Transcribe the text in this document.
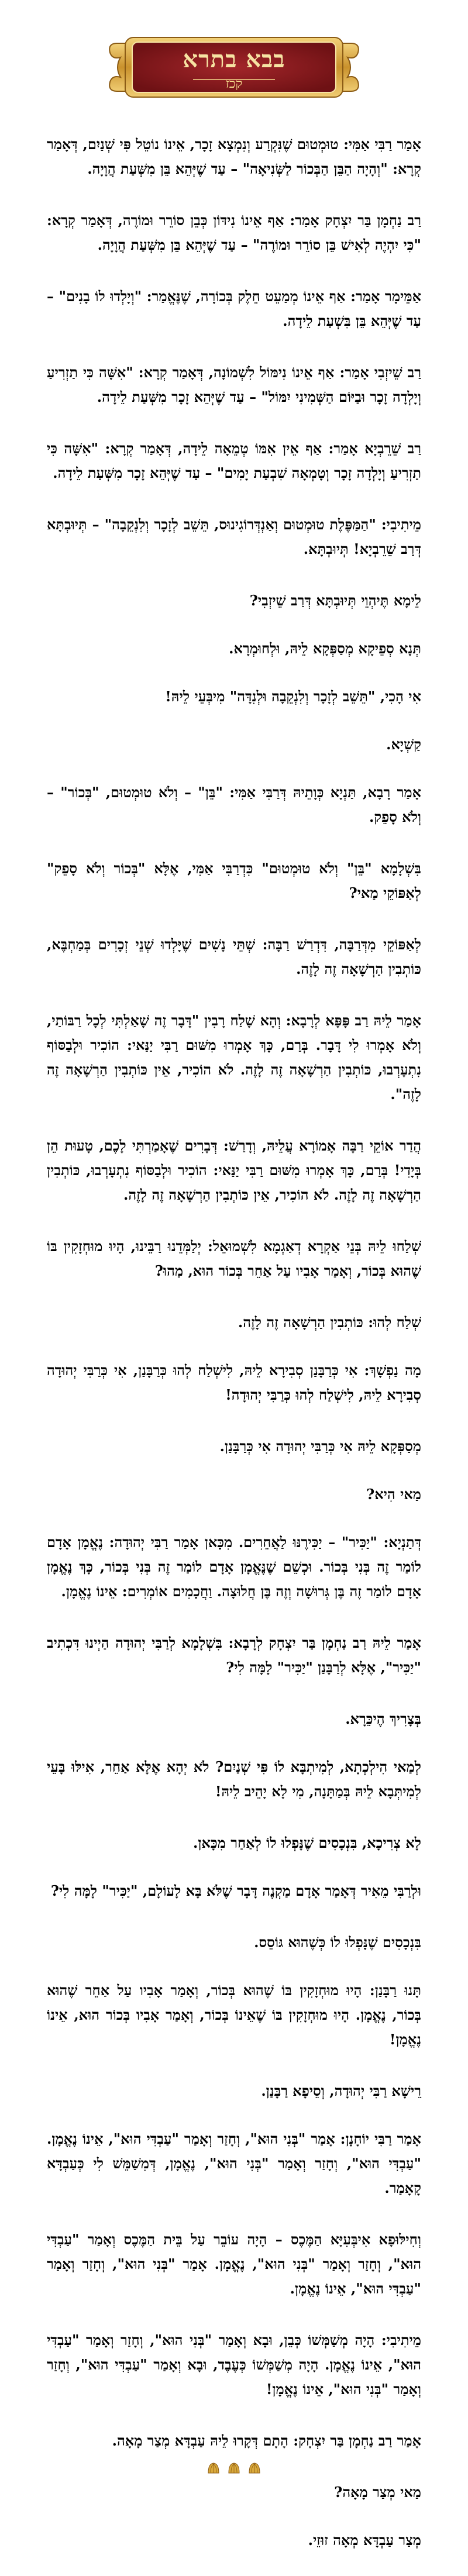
בבא בתרא
קכז

אָמַר רַבִּי אַמִּי: טוּמְטוּם שֶׁנִּקְרַע וְנִמְצָא זָכָר, אֵינוֹ נוֹטֵל פִּי שְׁנַיִם, דְּאָמַר קְרָא: "וְהָיָה הַבֵּן הַבְּכוֹר לַשְּׂנִיאָה" – עַד שֶׁיְּהֵא בֵּן מִשְּׁעַת הֲוָיָה.

רַב נַחְמָן בַּר יִצְחָק אָמַר: אַף אֵינוֹ נִידּוֹן כְּבֵן סוֹרֵר וּמוֹרֶה, דְּאָמַר קְרָא: "כִּי יִהְיֶה לְאִישׁ בֵּן סוֹרֵר וּמוֹרֶה" – עַד שֶׁיְּהֵא בֵּן מִשְּׁעַת הֲוָיָה.

אַמֵּימָר אָמַר: אַף אֵינוֹ מְמַעֵט חֵלֶק בְּכוֹרָה, שֶׁנֶּאֱמַר: "וְיָלְדוּ לוֹ בָנִים" – עַד שֶׁיְּהֵא בֵּן בִּשְׁעַת לֵידָה.

רַב שֵׁיזְבִי אָמַר: אַף אֵינוֹ נִימּוֹל לִשְׁמוֹנָה, דְּאָמַר קְרָא: "אִשָּׁה כִּי תַזְרִיעַ וְיָלְדָה זָכָר וּבַיּוֹם הַשְּׁמִינִי יִמּוֹל" – עַד שֶׁיְּהֵא זָכָר מִשְּׁעַת לֵידָה.

רַב שֵׁרֵבְיָא אָמַר: אַף אֵין אִמּוֹ טְמֵאָה לֵידָה, דְּאָמַר קְרָא: "אִשָּׁה כִּי תַזְרִיעַ וְיָלְדָה זָכָר וְטָמְאָה שִׁבְעַת יָמִים" – עַד שֶׁיְּהֵא זָכָר מִשְּׁעַת לֵידָה.

מֵיתִיבִי: "הַמַּפֶּלֶת טוּמְטוּם וְאַנְדְּרוֹגִינוּס, תֵּשֵׁב לְזָכָר וְלִנְקֵבָה" – תְּיוּבְתָּא דְּרַב שֵׁרֵבְיָא! תְּיוּבְתָּא.

לֵימָא תֶּיהְוֵי תְּיוּבְתָּא דְּרַב שֵׁיזְבִי?

תְּנָא סְפֵיקָא מְסַפְּקָא לֵיהּ, וּלְחוּמְרָא.

אִי הָכִי, "תֵּשֵׁב לְזָכָר וְלִנְקֵבָה וּלְנִדָּה" מִיבְּעֵי לֵיהּ!

קַשְׁיָא.

אָמַר רָבָא, תַּנְיָא כְּוָתֵיהּ דְּרַבִּי אַמִּי: "בֵּן" – וְלֹא טוּמְטוּם, "בְּכוֹר" – וְלֹא סָפֵק.

בִּשְׁלָמָא "בֵּן" וְלֹא טוּמְטוּם" כִּדְרַבִּי אַמִּי, אֶלָּא "בְּכוֹר וְלֹא סָפֵק" לְאַפּוֹקֵי מַאי?

לְאַפּוֹקֵי מִדְּרַבָּה, דִּדְרַשׁ רַבָּה: שְׁתֵּי נָשִׁים שֶׁיָּלְדוּ שְׁנֵי זְכָרִים בְּמַחְבֶּא, כּוֹתְבִין הַרְשָׁאָה זֶה לָזֶה.

אָמַר לֵיהּ רַב פָּפָּא לְרָבָא: וְהָא שָׁלַח רָבִין "דָּבָר זֶה שָׁאַלְתִּי לְכָל רַבּוֹתַי, וְלֹא אָמְרוּ לִי דָּבָר. בְּרַם, כָּךְ אָמְרוּ מִשּׁוּם רַבִּי יַנַּאי: הוֹכִיר וּלְבַסּוֹף נִתְעָרְבוּ, כּוֹתְבִין הַרְשָׁאָה זֶה לָזֶה. לֹא הוֹכִיר, אֵין כּוֹתְבִין הַרְשָׁאָה זֶה לָזֶה".

הֲדַר אוֹקֵי רַבָּה אָמוֹרָא עֲלֵיהּ, וְדָרַשׁ: דְּבָרִים שֶׁאָמַרְתִּי לָכֶם, טָעוּת הֵן בְּיָדִי! בְּרַם, כָּךְ אָמְרוּ מִשּׁוּם רַבִּי יַנַּאי: הוֹכִיר וּלְבַסּוֹף נִתְעָרְבוּ, כּוֹתְבִין הַרְשָׁאָה זֶה לָזֶה. לֹא הוֹכִיר, אֵין כּוֹתְבִין הַרְשָׁאָה זֶה לָזֶה.

שְׁלַחוּ לֵיהּ בְּנֵי אַקְרָא דְאַגְמָא לִשְׁמוּאֵל: יְלַמְּדֵנוּ רַבֵּינוּ, הָיוּ מוּחְזָקִין בּוֹ שֶׁהוּא בְּכוֹר, וְאָמַר אָבִיו עַל אַחֵר בְּכוֹר הוּא, מַהוּ?

שְׁלַח לְהוּ: כּוֹתְבִין הַרְשָׁאָה זֶה לָזֶה.

מָה נַפְשָׁךְ: אִי כְּרַבָּנַן סְבִירָא לֵיהּ, לִישְׁלַח לְהוּ כְּרַבָּנַן, אִי כְּרַבִּי יְהוּדָה סְבִירָא לֵיהּ, לִישְׁלַח לְהוּ כְּרַבִּי יְהוּדָה!

מְסַפְּקָא לֵיהּ אִי כְּרַבִּי יְהוּדָה אִי כְּרַבָּנַן.

מַאי הִיא?

דְּתַנְיָא: "יַכִּיר" – יַכִּירֶנּוּ לַאֲחֵרִים. מִכָּאן אָמַר רַבִּי יְהוּדָה: נֶאֱמָן אָדָם לוֹמַר זֶה בְּנִי בְּכוֹר. וּכְשֵׁם שֶׁנֶּאֱמָן אָדָם לוֹמַר זֶה בְּנִי בְּכוֹר, כָּךְ נֶאֱמָן אָדָם לוֹמַר זֶה בֶּן גְּרוּשָׁה וְזֶה בֶּן חֲלוּצָה. וַחֲכָמִים אוֹמְרִים: אֵינוֹ נֶאֱמָן.

אָמַר לֵיהּ רַב נַחְמָן בַּר יִצְחָק לְרָבָא: בִּשְׁלָמָא לְרַבִּי יְהוּדָה הַיְינוּ דִּכְתִיב "יַכִּיר", אֶלָּא לְרַבָּנַן "יַכִּיר" לָמָּה לִי?

בְּצָרִיךְ הֶיכֵּרָא.

לְמַאי הִילְכְתָא, לְמִיתְבָּא לוֹ פִּי שְׁנַיִם? לֹא יְהָא אֶלָּא אַחֵר, אִילּוּ בָּעֵי לְמִיתְּבָא לֵיהּ בְּמַתָּנָה, מִי לָא יָהֵיב לֵיהּ!

לָא צְרִיכָא, בִּנְכָסִים שֶׁנָּפְלוּ לוֹ לְאַחַר מִכָּאן.

וּלְרַבִּי מֵאִיר דְּאָמַר אָדָם מַקְנֶה דָּבָר שֶׁלֹּא בָּא לָעוֹלָם, "יַכִּיר" לָמָּה לִי?

בִּנְכָסִים שֶׁנָּפְלוּ לוֹ כְּשֶׁהוּא גּוֹסֵס.

תָּנוּ רַבָּנַן: הָיוּ מוּחְזָקִין בּוֹ שֶׁהוּא בְּכוֹר, וְאָמַר אָבִיו עַל אַחֵר שֶׁהוּא בְּכוֹר, נֶאֱמָן. הָיוּ מוּחְזָקִין בּוֹ שֶׁאֵינוֹ בְּכוֹר, וְאָמַר אָבִיו בְּכוֹר הוּא, אֵינוֹ נֶאֱמָן!

רֵישָׁא רַבִּי יְהוּדָה, וְסֵיפָא רַבָּנַן.

אָמַר רַבִּי יוֹחָנָן: אָמַר "בְּנִי הוּא", וְחָזַר וְאָמַר "עַבְדִּי הוּא", אֵינוֹ נֶאֱמָן. "עַבְדִּי הוּא", וְחָזַר וְאָמַר "בְּנִי הוּא", נֶאֱמָן, דְּמִשַׁמֵּשׁ לִי כְּעַבְדָּא קָאָמַר.

וְחִילּוּפָא אִיבְּעִיָּא הַמֶּכֶס – הָיָה עוֹבֵר עַל בֵּית הַמֶּכֶס וְאָמַר "עַבְדִּי הוּא", וְחָזַר וְאָמַר "בְּנִי הוּא", נֶאֱמָן. אָמַר "בְּנִי הוּא", וְחָזַר וְאָמַר "עַבְדִּי הוּא", אֵינוֹ נֶאֱמָן.

מֵיתִיבִי: הָיָה מְשַׁמְּשׁוֹ כְּבֵן, וּבָא וְאָמַר "בְּנִי הוּא", וְחָזַר וְאָמַר "עַבְדִּי הוּא", אֵינוֹ נֶאֱמָן. הָיָה מְשַׁמְּשׁוֹ כְּעֶבֶד, וּבָא וְאָמַר "עַבְדִּי הוּא", וְחָזַר וְאָמַר "בְּנִי הוּא", אֵינוֹ נֶאֱמָן!

אָמַר רַב נַחְמָן בַּר יִצְחָק: הָתָם דְּקָרוּ לֵיהּ עַבְדָּא מְצַר מָאָה.

מַאי מְצַר מָאָה?

מְצַר עַבְדָּא מְאָה זוּזֵי.
